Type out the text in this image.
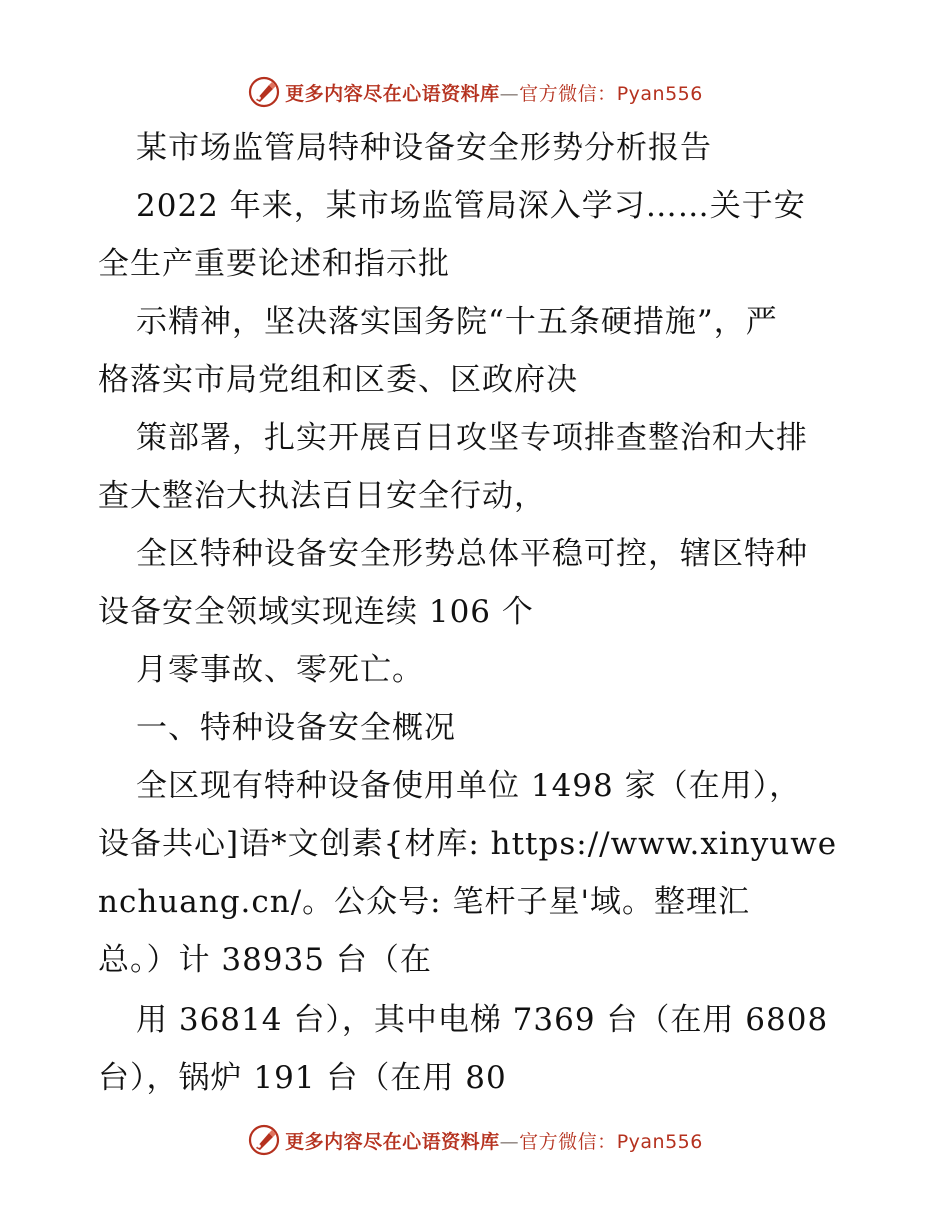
更多内容尽在心语资料库—官方微信：Pyan556
某市场监管局特种设备安全形势分析报告
2022 年来，某市场监管局深入学习……关于安
全生产重要论述和指示批
示精神，坚决落实国务院“十五条硬措施”，严
格落实市局党组和区委、区政府决
策部署，扎实开展百日攻坚专项排查整治和大排
查大整治大执法百日安全行动，
全区特种设备安全形势总体平稳可控，辖区特种
设备安全领域实现连续 106 个
月零事故、零死亡。
一、特种设备安全概况
全区现有特种设备使用单位 1498 家（在用），
设备共心]语*文创素{材库: https://www.xinyuwe
nchuang.cn/。公众号: 笔杆子星'域。整理汇
总。）计 38935 台（在
用 36814 台），其中电梯 7369 台（在用 6808
台），锅炉 191 台（在用 80
更多内容尽在心语资料库—官方微信：Pyan556
